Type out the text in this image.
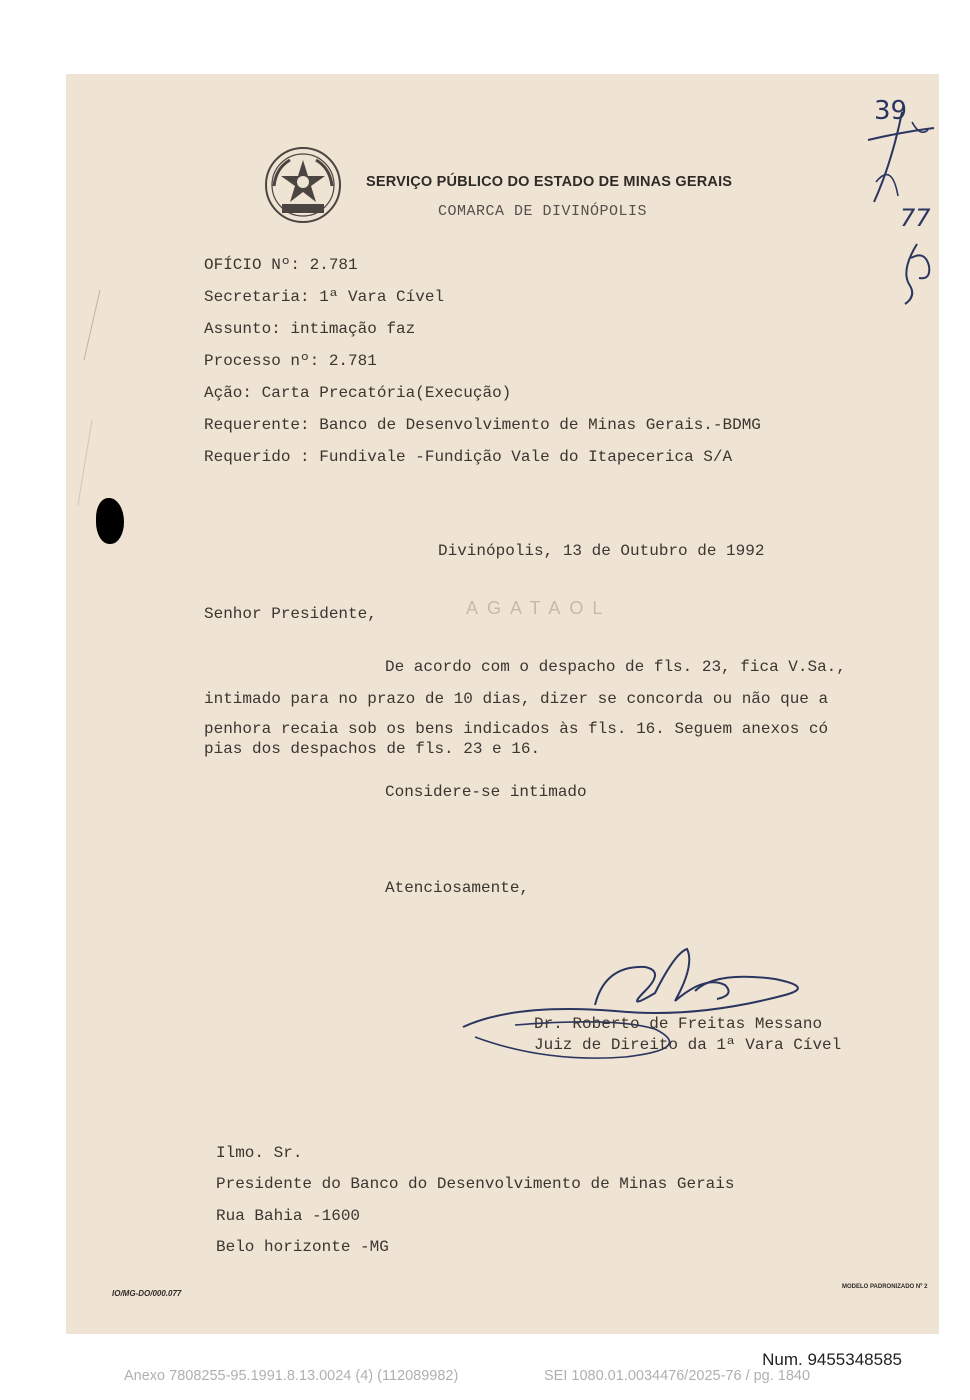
SERVIÇO PÚBLICO DO ESTADO DE MINAS GERAIS
COMARCA DE DIVINÓPOLIS
39
77
OFÍCIO Nº: 2.781
Secretaria: 1ª Vara Cível
Assunto: intimação faz
Processo nº: 2.781
Ação: Carta Precatória(Execução)
Requerente: Banco de Desenvolvimento de Minas Gerais.-BDMG
Requerido : Fundivale -Fundição Vale do Itapecerica S/A
Divinópolis, 13 de Outubro de 1992
Senhor Presidente,	AGATAOL
De acordo com o despacho de fls. 23, fica V.Sa.,
intimado para no prazo de 10 dias, dizer se concorda ou não que a
penhora recaia sob os bens indicados às fls. 16. Seguem anexos có
pias dos despachos de fls. 23 e 16.
Considere-se intimado
Atenciosamente,
Dr. Roberto de Freitas Messano
Juiz de Direito da 1ª Vara Cível
Ilmo. Sr.
Presidente do Banco do Desenvolvimento de Minas Gerais
Rua Bahia -1600
Belo horizonte -MG
IO/MG-DO/000.077
MODELO PADRONIZADO Nº 2
Num. 9455348585
Anexo 7808255-95.1991.8.13.0024 (4) (112089982)	SEI 1080.01.0034476/2025-76 / pg. 1840
